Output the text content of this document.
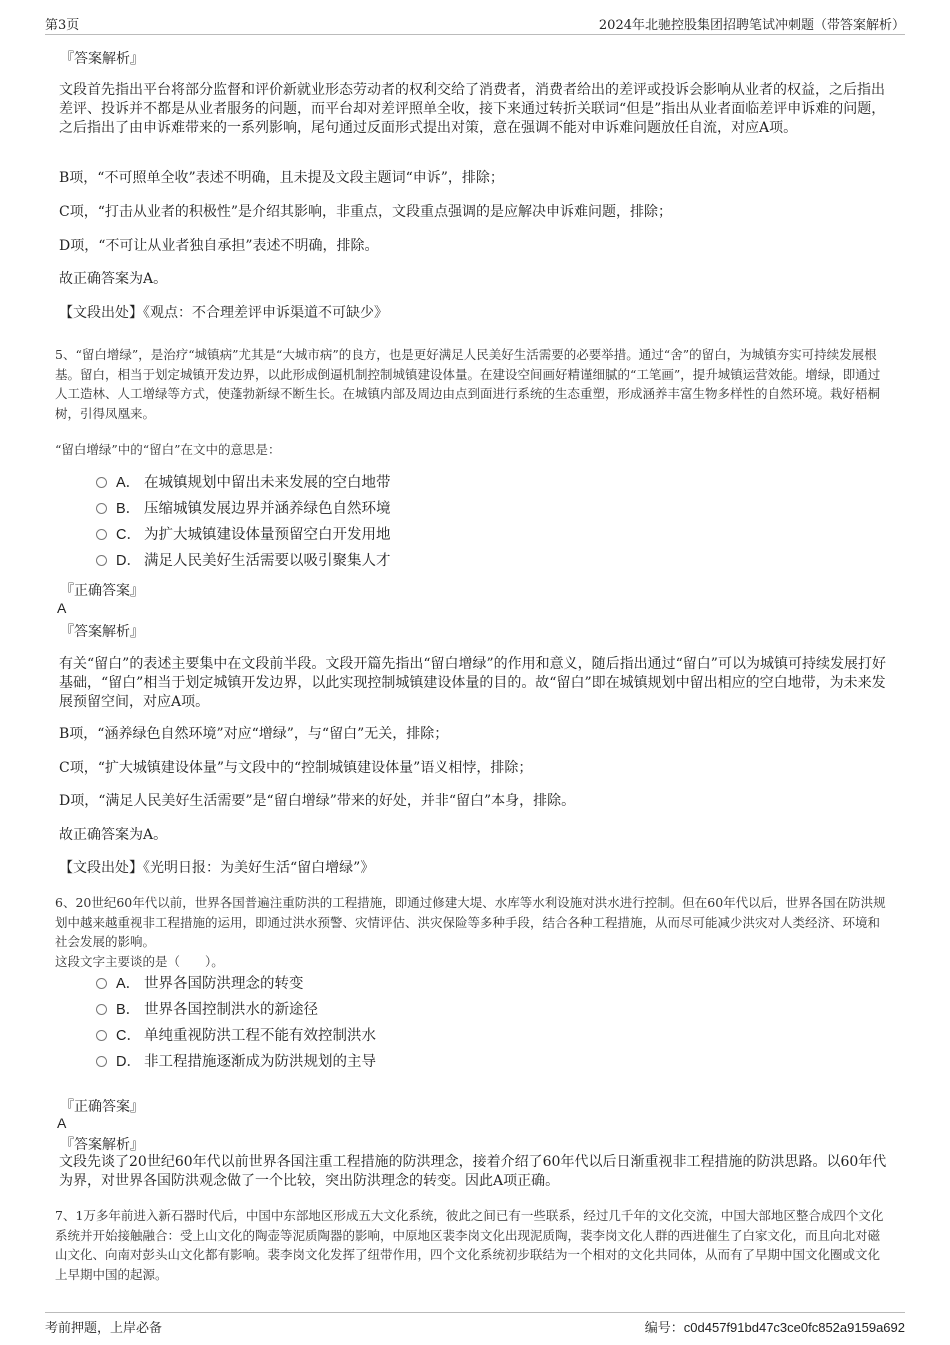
第3页	2024年北驰控股集团招聘笔试冲刺题（带答案解析）
『答案解析』

文段首先指出平台将部分监督和评价新就业形态劳动者的权利交给了消费者，消费者给出的差评或投诉会影响从业者的权益，之后指出差评、投诉并不都是从业者服务的问题，而平台却对差评照单全收，接下来通过转折关联词“但是”指出从业者面临差评申诉难的问题，之后指出了由申诉难带来的一系列影响，尾句通过反面形式提出对策，意在强调不能对申诉难问题放任自流，对应A项。

B项，“不可照单全收”表述不明确，且未提及文段主题词“申诉”，排除；

C项，“打击从业者的积极性”是介绍其影响，非重点，文段重点强调的是应解决申诉难问题，排除；

D项，“不可让从业者独自承担”表述不明确，排除。

故正确答案为A。

【文段出处】《观点：不合理差评申诉渠道不可缺少》

5、“留白增绿”，是治疗“城镇病”尤其是“大城市病”的良方，也是更好满足人民美好生活需要的必要举措。通过“舍”的留白，为城镇夯实可持续发展根基。留白，相当于划定城镇开发边界，以此形成倒逼机制控制城镇建设体量。在建设空间画好精谨细腻的“工笔画”，提升城镇运营效能。增绿，即通过人工造林、人工增绿等方式，使蓬勃新绿不断生长。在城镇内部及周边由点到面进行系统的生态重塑，形成涵养丰富生物多样性的自然环境。栽好梧桐树，引得凤凰来。

“留白增绿”中的“留白”在文中的意思是：

A． 在城镇规划中留出未来发展的空白地带
B． 压缩城镇发展边界并涵养绿色自然环境
C． 为扩大城镇建设体量预留空白开发用地
D． 满足人民美好生活需要以吸引聚集人才
『正确答案』
A
『答案解析』

有关“留白”的表述主要集中在文段前半段。文段开篇先指出“留白增绿”的作用和意义，随后指出通过“留白”可以为城镇可持续发展打好基础，“留白”相当于划定城镇开发边界，以此实现控制城镇建设体量的目的。故“留白”即在城镇规划中留出相应的空白地带，为未来发展预留空间，对应A项。

B项，“涵养绿色自然环境”对应“增绿”，与“留白”无关，排除；

C项，“扩大城镇建设体量”与文段中的“控制城镇建设体量”语义相悖，排除；

D项，“满足人民美好生活需要”是“留白增绿”带来的好处，并非“留白”本身，排除。

故正确答案为A。

【文段出处】《光明日报：为美好生活“留白增绿”》

6、20世纪60年代以前，世界各国普遍注重防洪的工程措施，即通过修建大堤、水库等水利设施对洪水进行控制。但在60年代以后，世界各国在防洪规划中越来越重视非工程措施的运用，即通过洪水预警、灾情评估、洪灾保险等多种手段，结合各种工程措施，从而尽可能减少洪灾对人类经济、环境和社会发展的影响。

这段文字主要谈的是（　　）。

A． 世界各国防洪理念的转变
B． 世界各国控制洪水的新途径
C． 单纯重视防洪工程不能有效控制洪水
D． 非工程措施逐渐成为防洪规划的主导
『正确答案』
A
『答案解析』

文段先谈了20世纪60年代以前世界各国注重工程措施的防洪理念，接着介绍了60年代以后日渐重视非工程措施的防洪思路。以60年代为界，对世界各国防洪观念做了一个比较，突出防洪理念的转变。因此A项正确。

7、1万多年前进入新石器时代后，中国中东部地区形成五大文化系统，彼此之间已有一些联系，经过几千年的文化交流，中国大部地区整合成四个文化系统并开始接触融合：受上山文化的陶壶等泥质陶器的影响，中原地区裴李岗文化出现泥质陶，裴李岗文化人群的西进催生了白家文化，而且向北对磁山文化、向南对彭头山文化都有影响。裴李岗文化发挥了纽带作用，四个文化系统初步联结为一个相对的文化共同体，从而有了早期中国文化圈或文化上早期中国的起源。

考前押题，上岸必备	编号：c0d457f91bd47c3ce0fc852a9159a692
